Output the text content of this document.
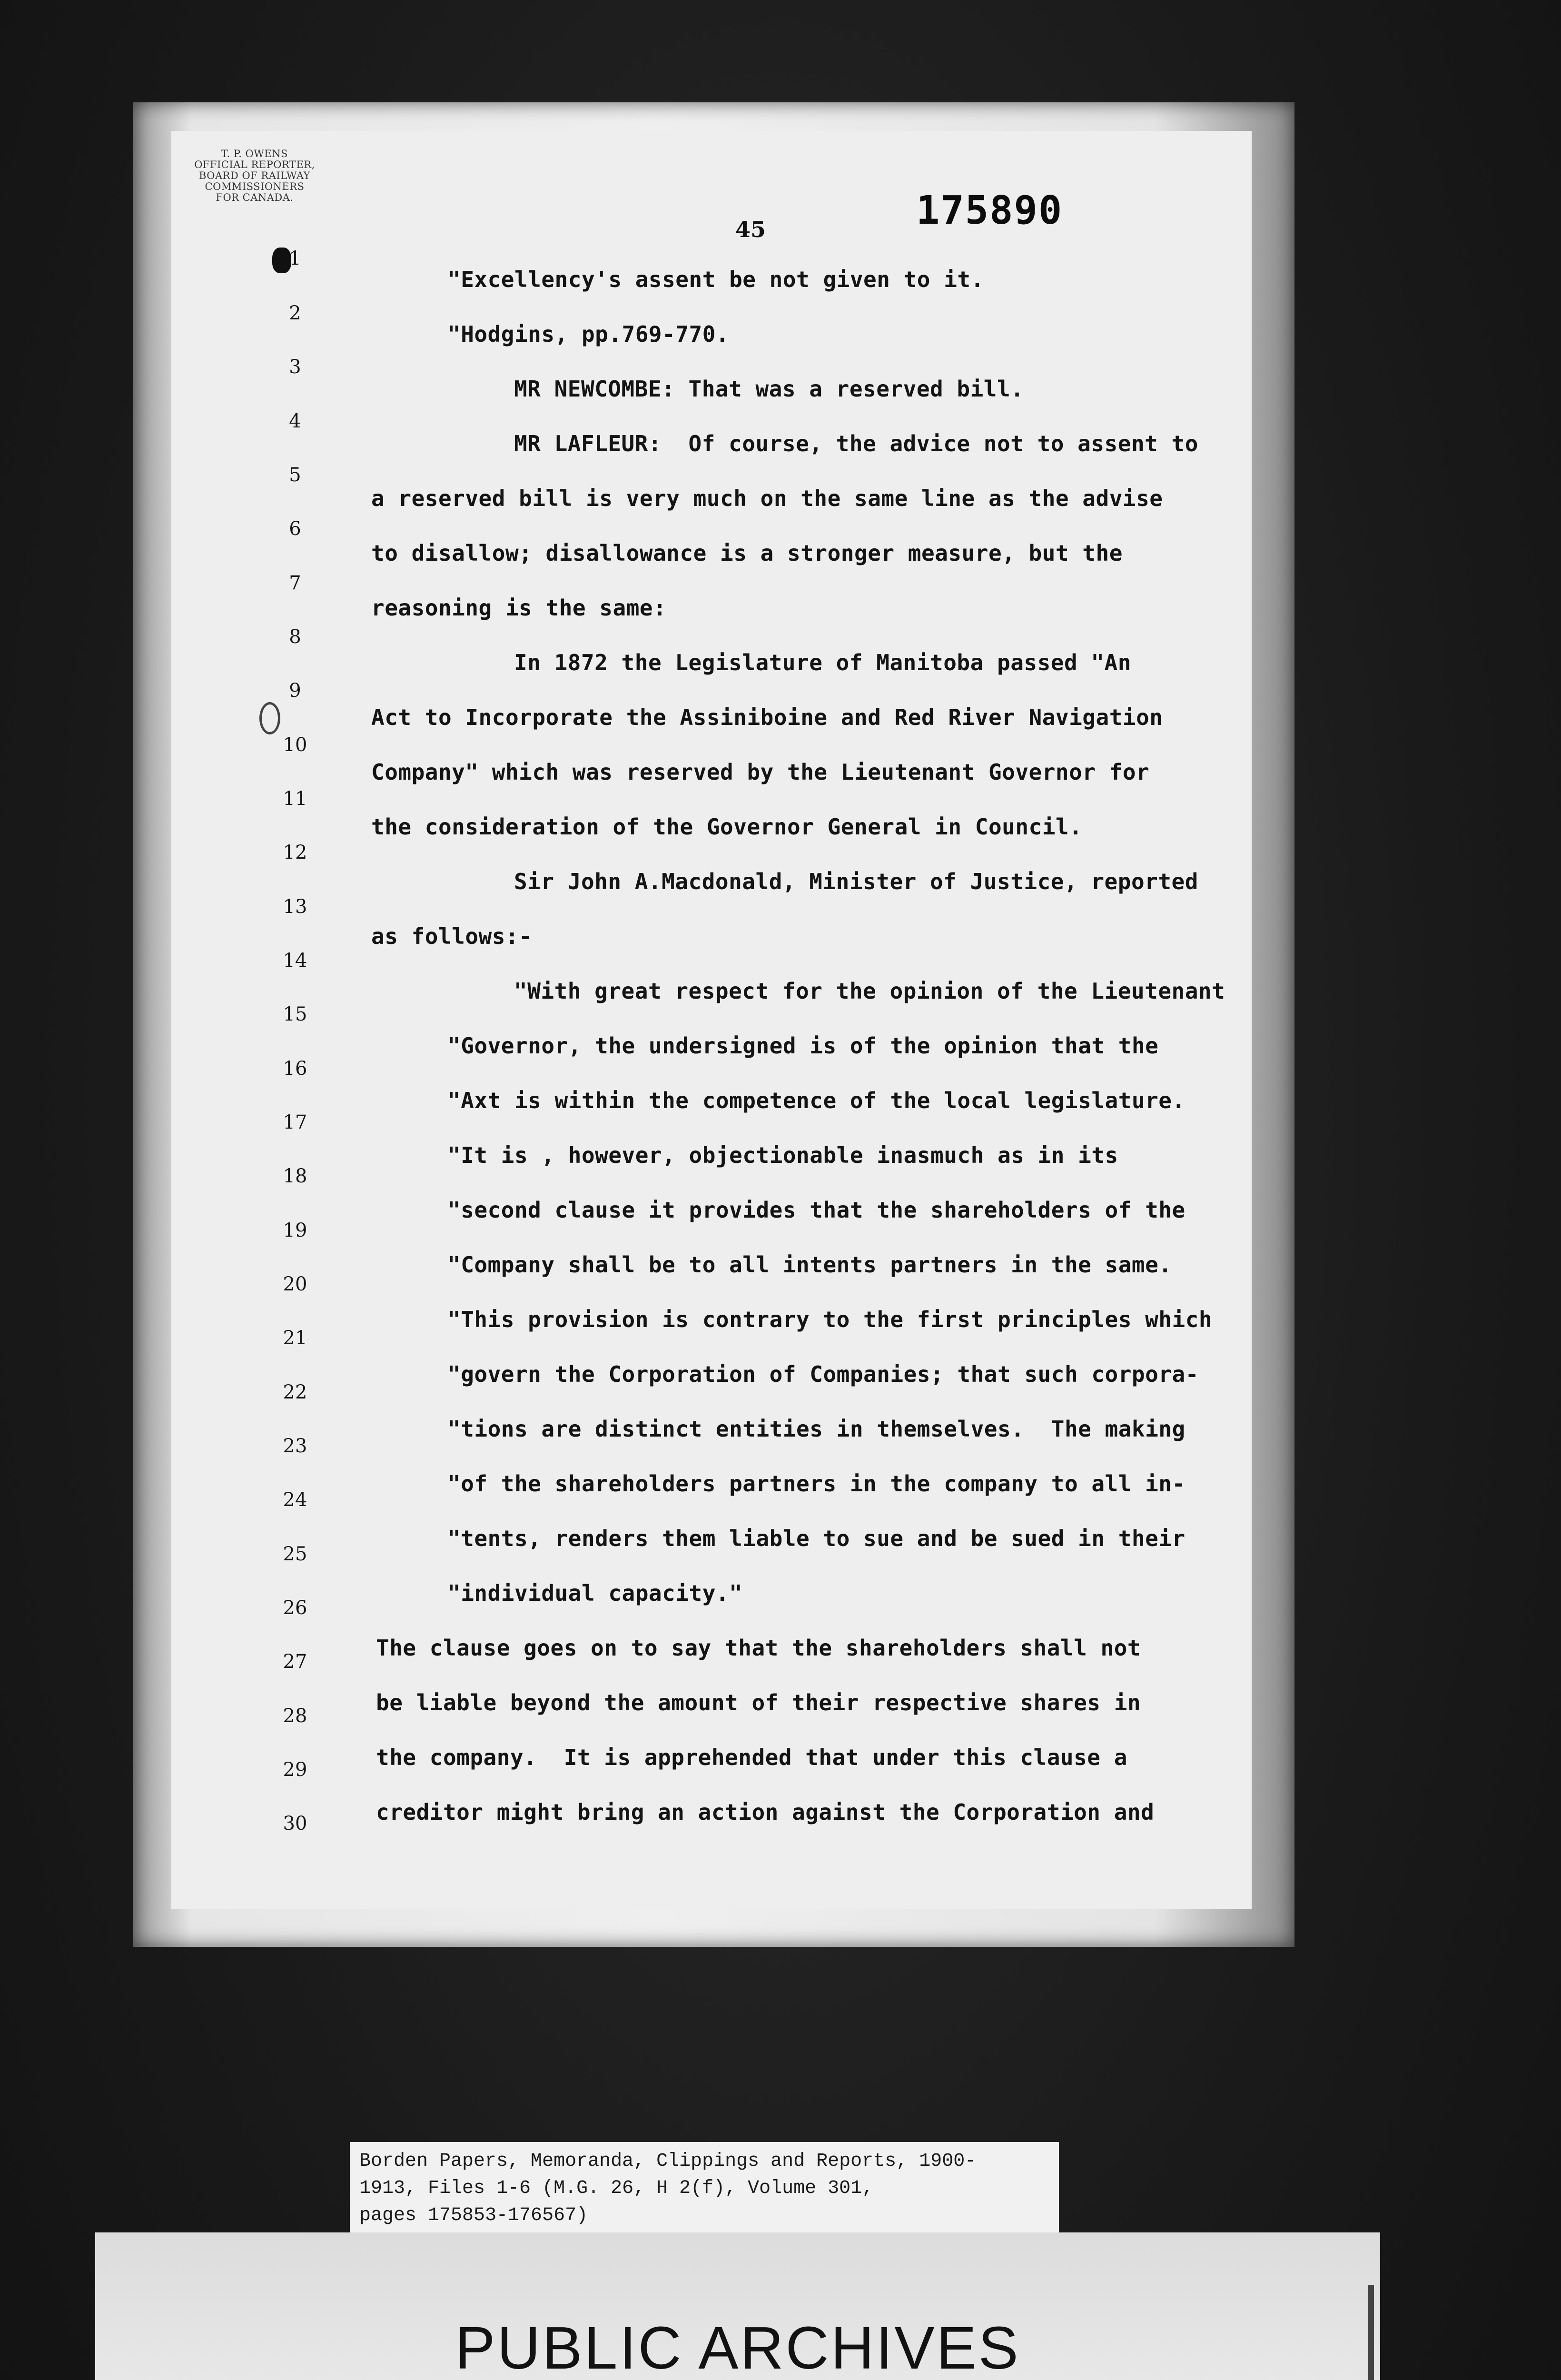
T. P. OWENS
OFFICIAL REPORTER,
BOARD OF RAILWAY
COMMISSIONERS
FOR CANADA.
45	175890
1
2
3
4
5
6
7
8
9
10
11
12
13
14
15
16
17
18
19
20
21
22
23
24
25
26
27
28
29
30
"Excellency's assent be not given to it.
"Hodgins, pp.769-770.
MR NEWCOMBE: That was a reserved bill.
MR LAFLEUR:  Of course, the advice not to assent to
a reserved bill is very much on the same line as the advise
to disallow; disallowance is a stronger measure, but the
reasoning is the same:
In 1872 the Legislature of Manitoba passed "An
Act to Incorporate the Assiniboine and Red River Navigation
Company" which was reserved by the Lieutenant Governor for
the consideration of the Governor General in Council.
Sir John A.Macdonald, Minister of Justice, reported
as follows:-
"With great respect for the opinion of the Lieutenant
"Governor, the undersigned is of the opinion that the
"Axt is within the competence of the local legislature.
"It is , however, objectionable inasmuch as in its
"second clause it provides that the shareholders of the
"Company shall be to all intents partners in the same.
"This provision is contrary to the first principles which
"govern the Corporation of Companies; that such corpora-
"tions are distinct entities in themselves.  The making
"of the shareholders partners in the company to all in-
"tents, renders them liable to sue and be sued in their
"individual capacity."
The clause goes on to say that the shareholders shall not
be liable beyond the amount of their respective shares in
the company.  It is apprehended that under this clause a
creditor might bring an action against the Corporation and
Borden Papers, Memoranda, Clippings and Reports, 1900-
1913, Files 1-6 (M.G. 26, H 2(f), Volume 301,
pages 175853-176567)
PUBLIC ARCHIVES
